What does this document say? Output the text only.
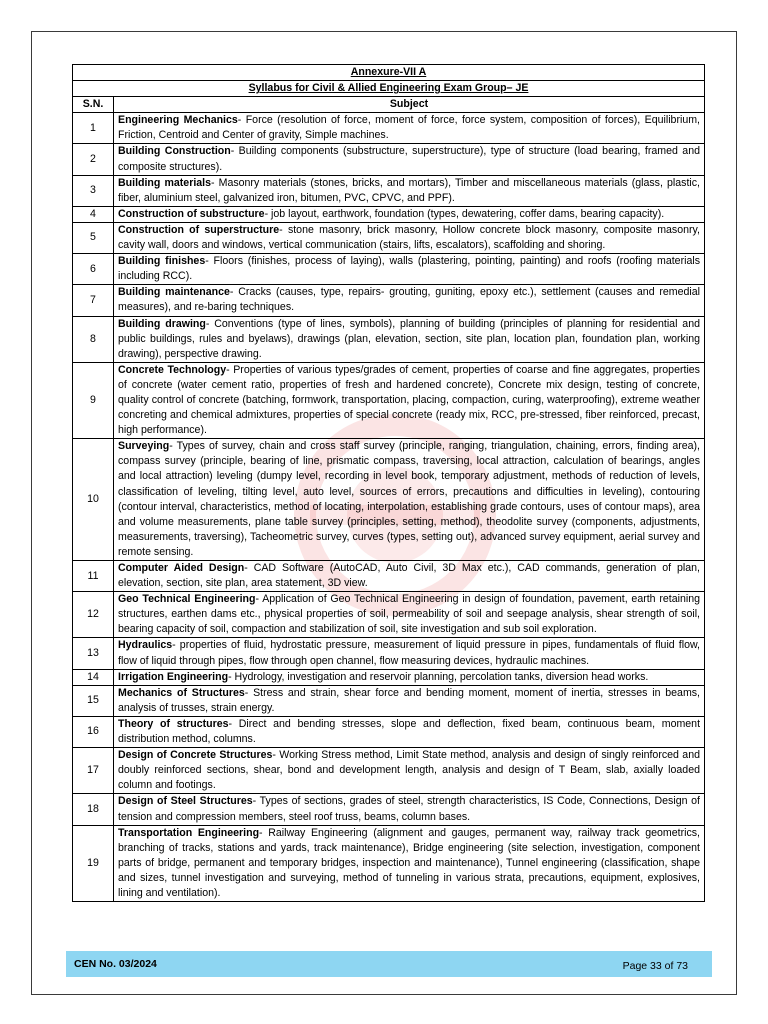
Annexure-VII A	
Syllabus for Civil & Allied Engineering Exam Group– JE	
S.N.	Subject
1	Engineering Mechanics- Force (resolution of force, moment of force, force system, composition of forces), Equilibrium, Friction, Centroid and Center of gravity, Simple machines.
2	Building Construction- Building components (substructure, superstructure), type of structure (load bearing, framed and composite structures).
3	Building materials- Masonry materials (stones, bricks, and mortars), Timber and miscellaneous materials (glass, plastic, fiber, aluminium steel, galvanized iron, bitumen, PVC, CPVC, and PPF).
4	Construction of substructure- job layout, earthwork, foundation (types, dewatering, coffer dams, bearing capacity).
5	Construction of superstructure- stone masonry, brick masonry, Hollow concrete block masonry, composite masonry, cavity wall, doors and windows, vertical communication (stairs, lifts, escalators), scaffolding and shoring.
6	Building finishes- Floors (finishes, process of laying), walls (plastering, pointing, painting) and roofs (roofing materials including RCC).
7	Building maintenance- Cracks (causes, type, repairs- grouting, guniting, epoxy etc.), settlement (causes and remedial measures), and re-baring techniques.
8	Building drawing- Conventions (type of lines, symbols), planning of building (principles of planning for residential and public buildings, rules and byelaws), drawings (plan, elevation, section, site plan, location plan, foundation plan, working drawing), perspective drawing.
9	Concrete Technology- Properties of various types/grades of cement, properties of coarse and fine aggregates, properties of concrete (water cement ratio, properties of fresh and hardened concrete), Concrete mix design, testing of concrete, quality control of concrete (batching, formwork, transportation, placing, compaction, curing, waterproofing), extreme weather concreting and chemical admixtures, properties of special concrete (ready mix, RCC, pre-stressed, fiber reinforced, precast, high performance).
10	Surveying- Types of survey, chain and cross staff survey (principle, ranging, triangulation, chaining, errors, finding area), compass survey (principle, bearing of line, prismatic compass, traversing, local attraction, calculation of bearings, angles and local attraction) leveling (dumpy level, recording in level book, temporary adjustment, methods of reduction of levels, classification of leveling, tilting level, auto level, sources of errors, precautions and difficulties in leveling), contouring (contour interval, characteristics, method of locating, interpolation, establishing grade contours, uses of contour maps), area and volume measurements, plane table survey (principles, setting, method), theodolite survey (components, adjustments, measurements, traversing), Tacheometric survey, curves (types, setting out), advanced survey equipment, aerial survey and remote sensing.
11	Computer Aided Design- CAD Software (AutoCAD, Auto Civil, 3D Max etc.), CAD commands, generation of plan, elevation, section, site plan, area statement, 3D view.
12	Geo Technical Engineering- Application of Geo Technical Engineering in design of foundation, pavement, earth retaining structures, earthen dams etc., physical properties of soil, permeability of soil and seepage analysis, shear strength of soil, bearing capacity of soil, compaction and stabilization of soil, site investigation and sub soil exploration.
13	Hydraulics- properties of fluid, hydrostatic pressure, measurement of liquid pressure in pipes, fundamentals of fluid flow, flow of liquid through pipes, flow through open channel, flow measuring devices, hydraulic machines.
14	Irrigation Engineering- Hydrology, investigation and reservoir planning, percolation tanks, diversion head works.
15	Mechanics of Structures- Stress and strain, shear force and bending moment, moment of inertia, stresses in beams, analysis of trusses, strain energy.
16	Theory of structures- Direct and bending stresses, slope and deflection, fixed beam, continuous beam, moment distribution method, columns.
17	Design of Concrete Structures- Working Stress method, Limit State method, analysis and design of singly reinforced and doubly reinforced sections, shear, bond and development length, analysis and design of T Beam, slab, axially loaded column and footings.
18	Design of Steel Structures- Types of sections, grades of steel, strength characteristics, IS Code, Connections, Design of tension and compression members, steel roof truss, beams, column bases.
19	Transportation Engineering- Railway Engineering (alignment and gauges, permanent way, railway track geometrics, branching of tracks, stations and yards, track maintenance), Bridge engineering (site selection, investigation, component parts of bridge, permanent and temporary bridges, inspection and maintenance), Tunnel engineering (classification, shape and sizes, tunnel investigation and surveying, method of tunneling in various strata, precautions, equipment, explosives, lining and ventilation).
CEN No. 03/2024	Page 33 of 73
